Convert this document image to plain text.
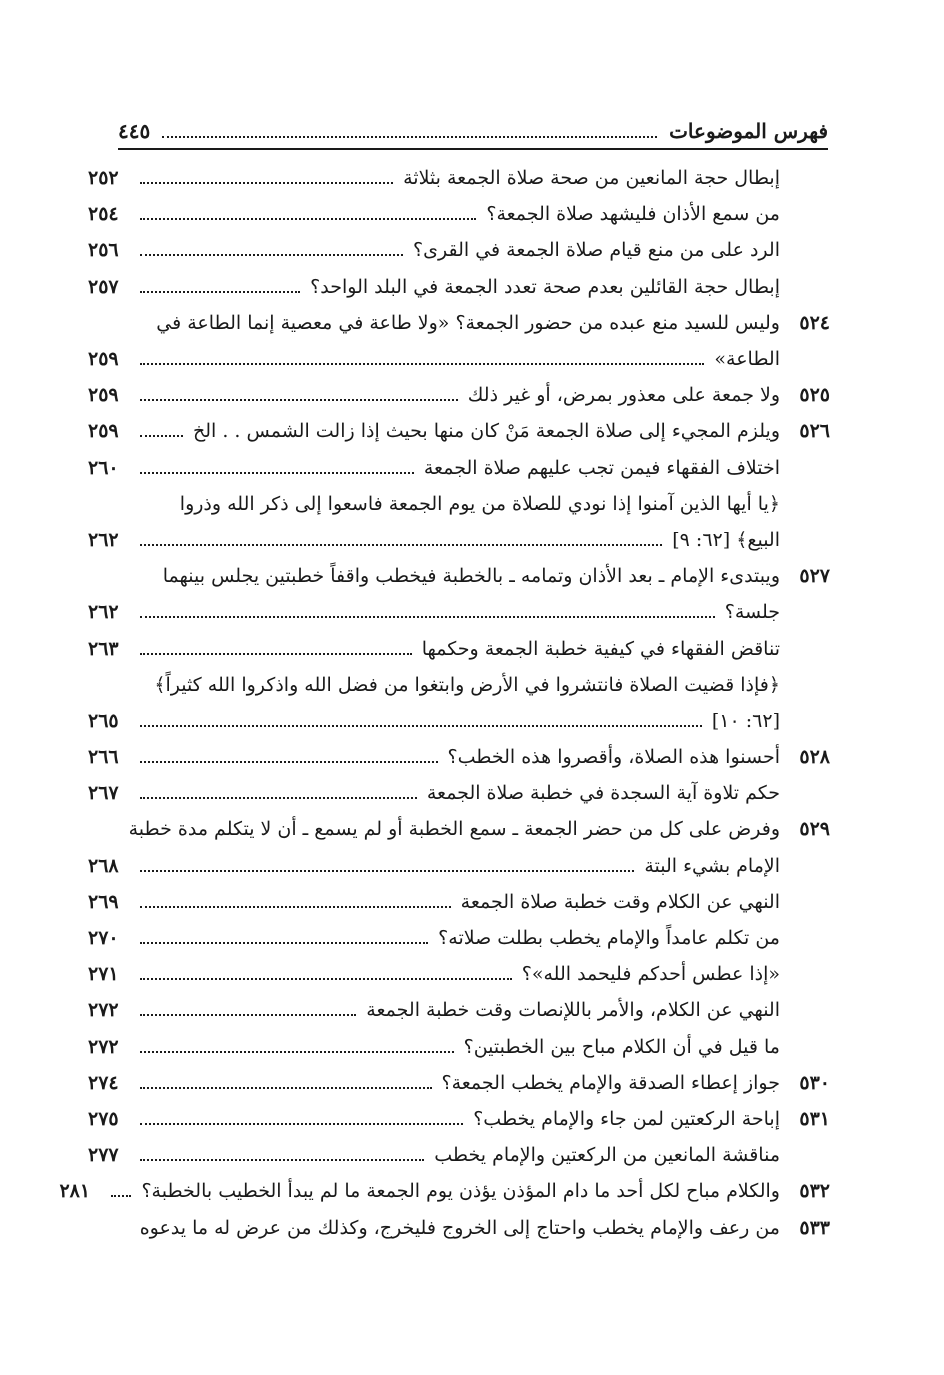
فهرس الموضوعات
٤٤٥
إبطال حجة المانعين من صحة صلاة الجمعة بثلاثة
٢٥٢
من سمع الأذان فليشهد صلاة الجمعة؟
٢٥٤
الرد على من منع قيام صلاة الجمعة في القرى؟
٢٥٦
إبطال حجة القائلين بعدم صحة تعدد الجمعة في البلد الواحد؟
٢٥٧
٥٢٤
وليس للسيد منع عبده من حضور الجمعة؟ «ولا طاعة في معصية إنما الطاعة في
الطاعة»
٢٥٩
٥٢٥
ولا جمعة على معذور بمرض، أو غير ذلك
٢٥٩
٥٢٦
ويلزم المجيء إلى صلاة الجمعة مَنْ كان منها بحيث إذا زالت الشمس . . الخ
٢٥٩
اختلاف الفقهاء فيمن تجب عليهم صلاة الجمعة
٢٦٠
﴿يا أيها الذين آمنوا إذا نودي للصلاة من يوم الجمعة فاسعوا إلى ذكر الله وذروا
البيع﴾ [٦٢: ٩]
٢٦٢
٥٢٧
ويبتدىء الإمام ـ بعد الأذان وتمامه ـ بالخطبة فيخطب واقفاً خطبتين يجلس بينهما
جلسة؟
٢٦٢
تناقض الفقهاء في كيفية خطبة الجمعة وحكمها
٢٦٣
﴿فإذا قضيت الصلاة فانتشروا في الأرض وابتغوا من فضل الله واذكروا الله كثيراً﴾
[٦٢: ١٠]
٢٦٥
٥٢٨
أحسنوا هذه الصلاة، وأقصروا هذه الخطب؟
٢٦٦
حكم تلاوة آية السجدة في خطبة صلاة الجمعة
٢٦٧
٥٢٩
وفرض على كل من حضر الجمعة ـ سمع الخطبة أو لم يسمع ـ أن لا يتكلم مدة خطبة
الإمام بشيء البتة
٢٦٨
النهي عن الكلام وقت خطبة صلاة الجمعة
٢٦٩
من تكلم عامداً والإمام يخطب بطلت صلاته؟
٢٧٠
«إذا عطس أحدكم فليحمد الله»؟
٢٧١
النهي عن الكلام، والأمر باللإنصات وقت خطبة الجمعة
٢٧٢
ما قيل في أن الكلام مباح بين الخطبتين؟
٢٧٢
٥٣٠
جواز إعطاء الصدقة والإمام يخطب الجمعة؟
٢٧٤
٥٣١
إباحة الركعتين لمن جاء والإمام يخطب؟
٢٧٥
مناقشة المانعين من الركعتين والإمام يخطب
٢٧٧
٥٣٢
والكلام مباح لكل أحد ما دام المؤذن يؤذن يوم الجمعة ما لم يبدأ الخطيب بالخطبة؟
٢٨١
٥٣٣
من رعف والإمام يخطب واحتاج إلى الخروج فليخرج، وكذلك من عرض له ما يدعوه
